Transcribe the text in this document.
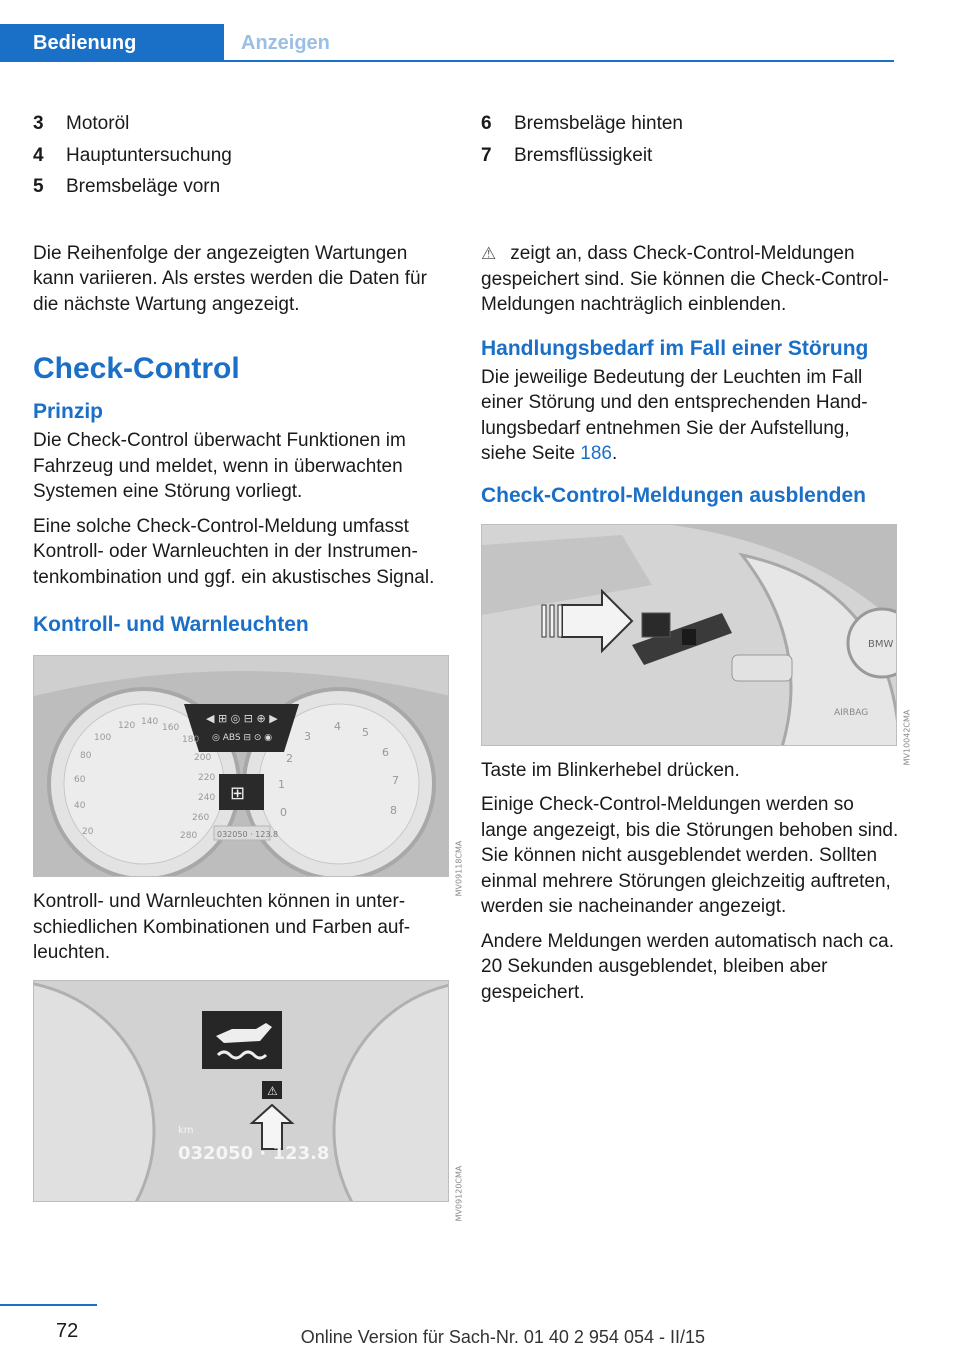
Bedienung	Anzeigen
3	Motoröl
4	Hauptuntersuchung
5	Bremsbeläge vorn

Die Reihenfolge der angezeigten Wartungen kann variieren. Als erstes werden die Daten für die nächste Wartung angezeigt.

Check-Control
Prinzip

Die Check-Control überwacht Funktionen im Fahrzeug und meldet, wenn in überwachten Systemen eine Störung vorliegt.

Eine solche Check-Control-Meldung umfasst Kontroll- oder Warnleuchten in der Instrumentenkombination und ggf. ein akustisches Signal.

Kontroll- und Warnleuchten
◀ ⊞ ◎ ⊟ ⊕ ▶
◎ ABS ⊟ ⊙ ◉
⊞
20
40
60
80
100
120 140
160
180
200
220
240
260
280
0
1
2
3
4 5
6
7
8
032050 · 123.8
MV09118CMA

Kontroll- und Warnleuchten können in unterschiedlichen Kombinationen und Farben aufleuchten.

⚠
km
032050 · 123.8
MV09120CMA
6	Bremsbeläge hinten
7	Bremsflüssigkeit

⚠ zeigt an, dass Check-Control-Meldungen gespeichert sind. Sie können die Check-Control-Meldungen nachträglich einblenden.

Handlungsbedarf im Fall einer Störung

Die jeweilige Bedeutung der Leuchten im Fall einer Störung und den entsprechenden Handlungsbedarf entnehmen Sie der Aufstellung, siehe Seite 186.

Check-Control-Meldungen ausblenden
BMW
AIRBAG	MV10042CMA

Taste im Blinkerhebel drücken.

Einige Check-Control-Meldungen werden so lange angezeigt, bis die Störungen behoben sind. Sie können nicht ausgeblendet werden. Sollten einmal mehrere Störungen gleichzeitig auftreten, werden sie nacheinander angezeigt.

Andere Meldungen werden automatisch nach ca. 20 Sekunden ausgeblendet, bleiben aber gespeichert.

72	Online Version für Sach-Nr. 01 40 2 954 054 - II/15
